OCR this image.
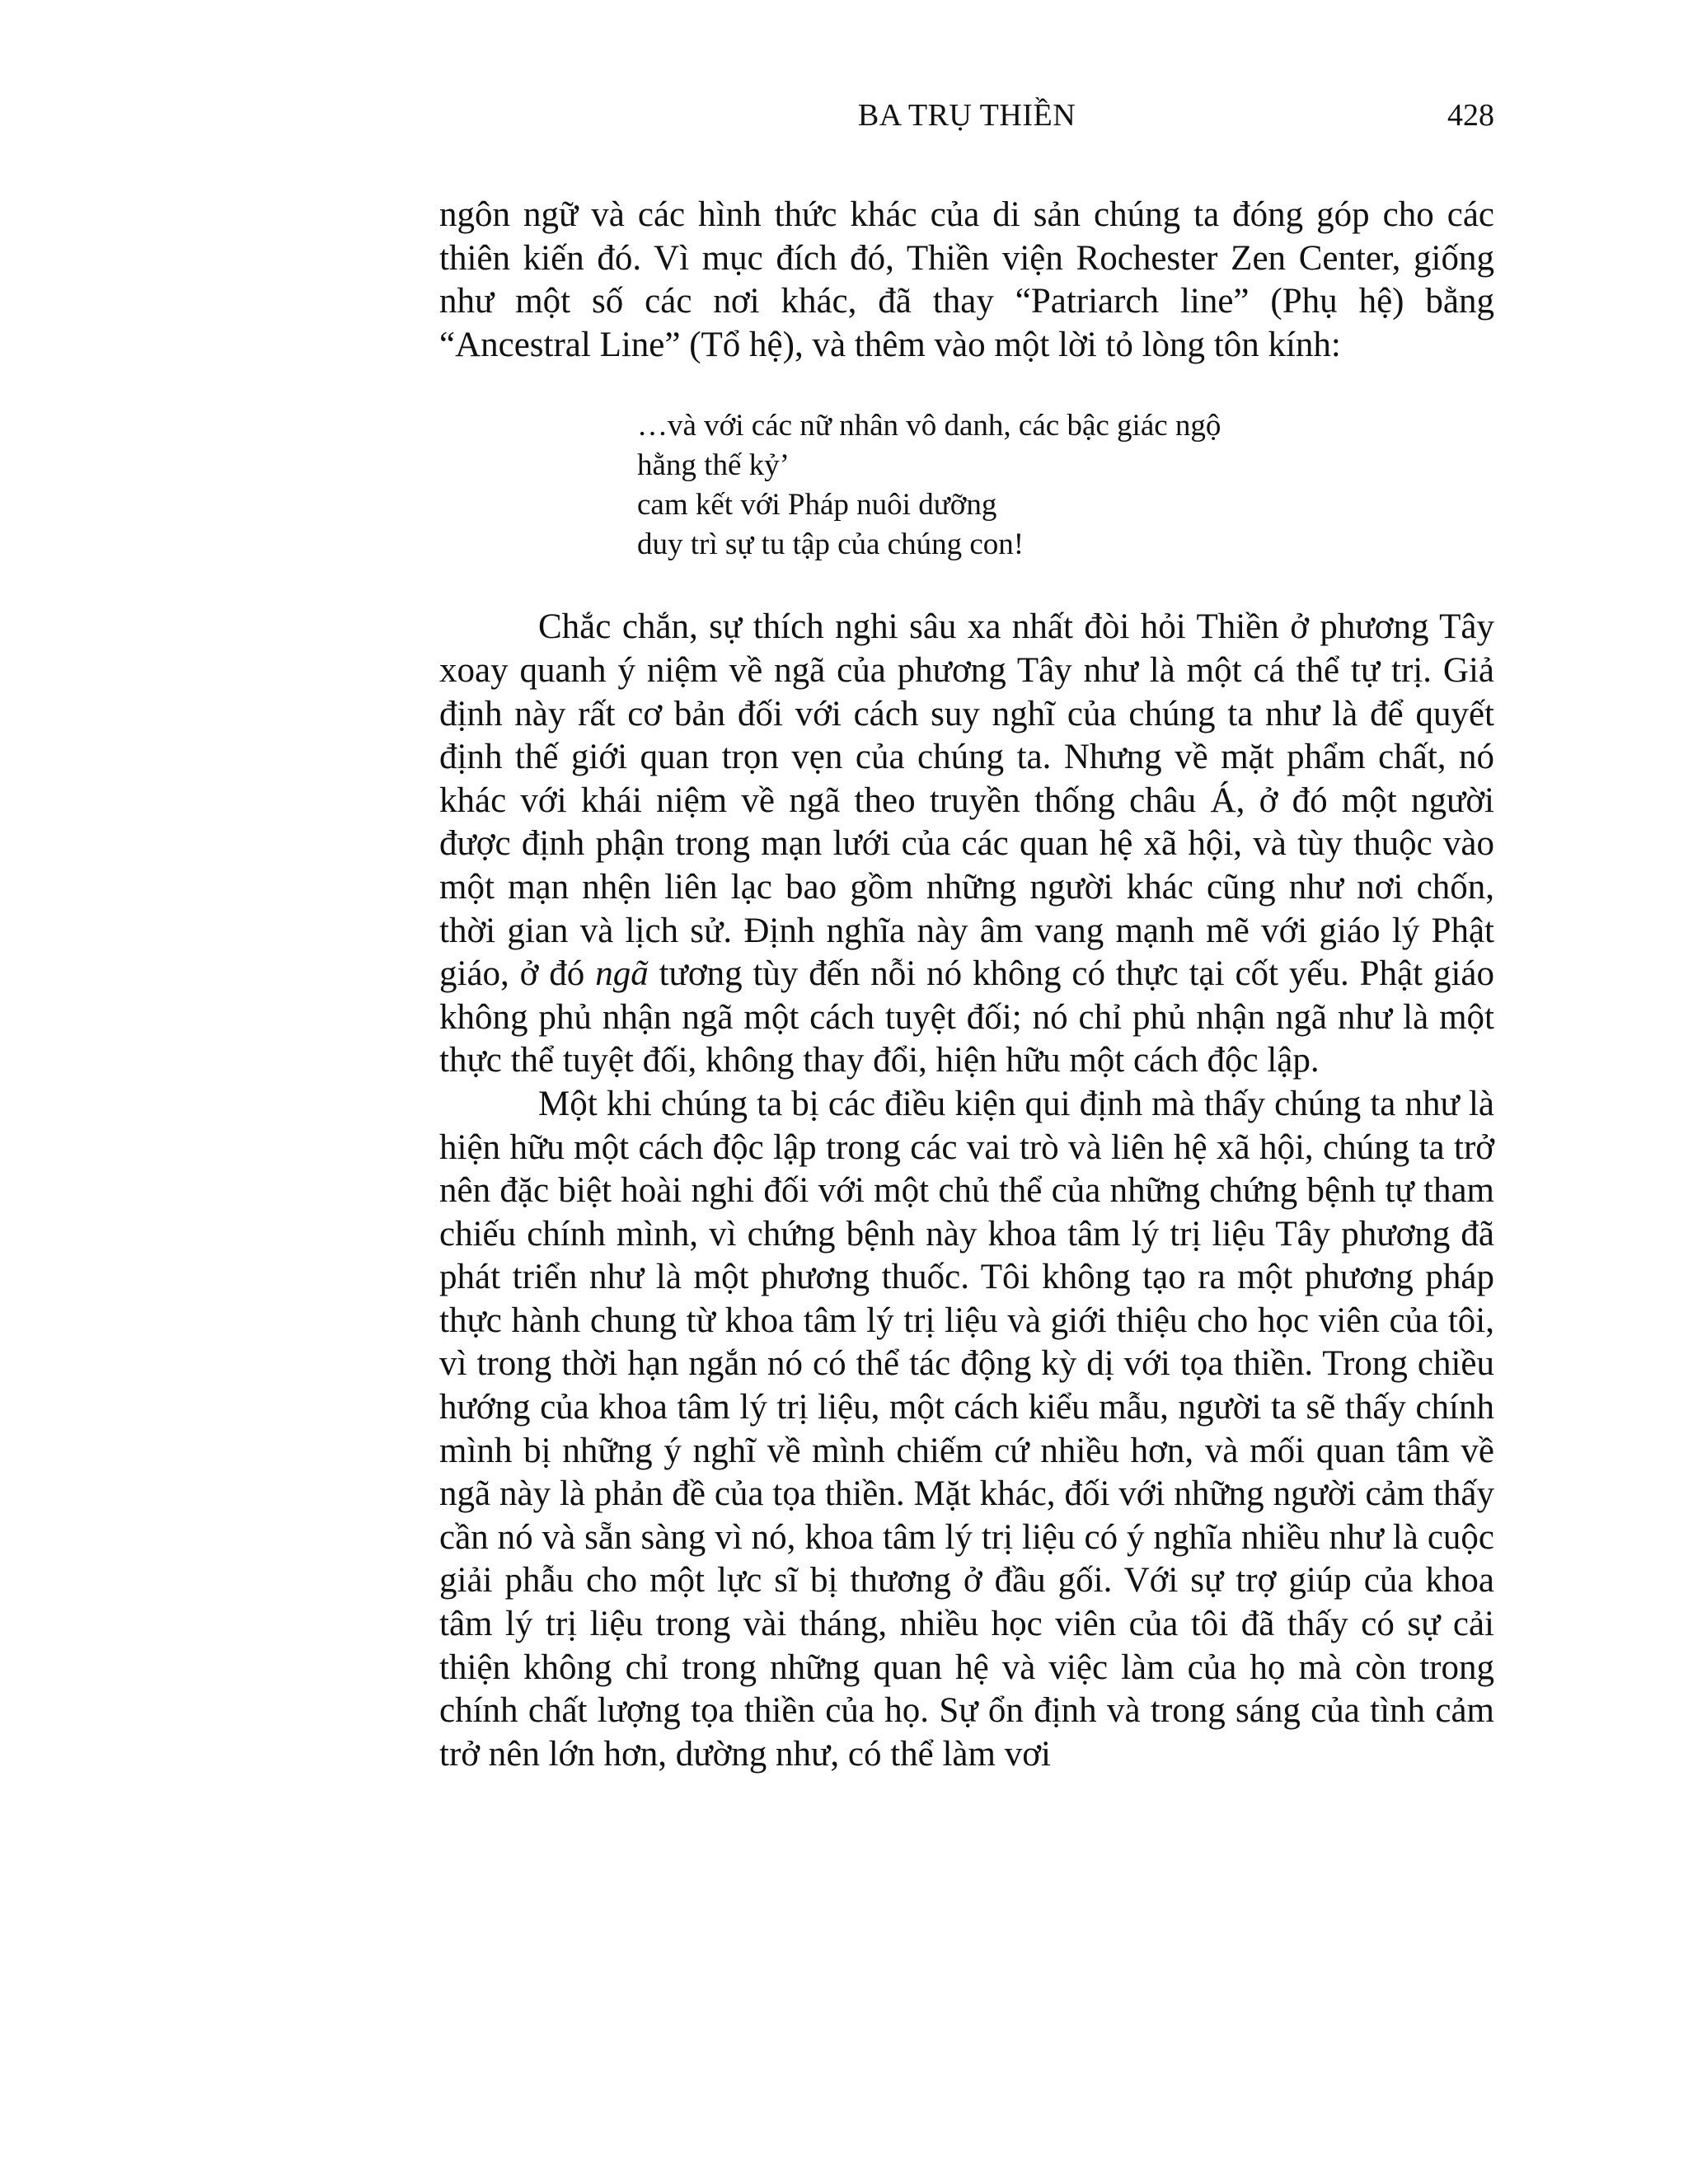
BA TRỤ THIỀN	428

ngôn ngữ và các hình thức khác của di sản chúng ta đóng góp cho các thiên kiến đó. Vì mục đích đó, Thiền viện Rochester Zen Center, giống như một số các nơi khác, đã thay “Patriarch line” (Phụ hệ) bằng “Ancestral Line” (Tổ hệ), và thêm vào một lời tỏ lòng tôn kính:

…và với các nữ nhân vô danh, các bậc giác ngộ
hằng thế kỷ’
cam kết với Pháp nuôi dưỡng
duy trì sự tu tập của chúng con!

Chắc chắn, sự thích nghi sâu xa nhất đòi hỏi Thiền ở phương Tây xoay quanh ý niệm về ngã của phương Tây như là một cá thể tự trị. Giả định này rất cơ bản đối với cách suy nghĩ của chúng ta như là để quyết định thế giới quan trọn vẹn của chúng ta. Nhưng về mặt phẩm chất, nó khác với khái niệm về ngã theo truyền thống châu Á, ở đó một người được định phận trong mạn lưới của các quan hệ xã hội, và tùy thuộc vào một mạn nhện liên lạc bao gồm những người khác cũng như nơi chốn, thời gian và lịch sử. Định nghĩa này âm vang mạnh mẽ với giáo lý Phật giáo, ở đó ngã tương tùy đến nỗi nó không có thực tại cốt yếu. Phật giáo không phủ nhận ngã một cách tuyệt đối; nó chỉ phủ nhận ngã như là một thực thể tuyệt đối, không thay đổi, hiện hữu một cách độc lập.

Một khi chúng ta bị các điều kiện qui định mà thấy chúng ta như là hiện hữu một cách độc lập trong các vai trò và liên hệ xã hội, chúng ta trở nên đặc biệt hoài nghi đối với một chủ thể của những chứng bệnh tự tham chiếu chính mình, vì chứng bệnh này khoa tâm lý trị liệu Tây phương đã phát triển như là một phương thuốc. Tôi không tạo ra một phương pháp thực hành chung từ khoa tâm lý trị liệu và giới thiệu cho học viên của tôi, vì trong thời hạn ngắn nó có thể tác động kỳ dị với tọa thiền. Trong chiều hướng của khoa tâm lý trị liệu, một cách kiểu mẫu, người ta sẽ thấy chính mình bị những ý nghĩ về mình chiếm cứ nhiều hơn, và mối quan tâm về ngã này là phản đề của tọa thiền. Mặt khác, đối với những người cảm thấy cần nó và sẵn sàng vì nó, khoa tâm lý trị liệu có ý nghĩa nhiều như là cuộc giải phẫu cho một lực sĩ bị thương ở đầu gối. Với sự trợ giúp của khoa tâm lý trị liệu trong vài tháng, nhiều học viên của tôi đã thấy có sự cải thiện không chỉ trong những quan hệ và việc làm của họ mà còn trong chính chất lượng tọa thiền của họ. Sự ổn định và trong sáng của tình cảm trở nên lớn hơn, dường như, có thể làm vơi
